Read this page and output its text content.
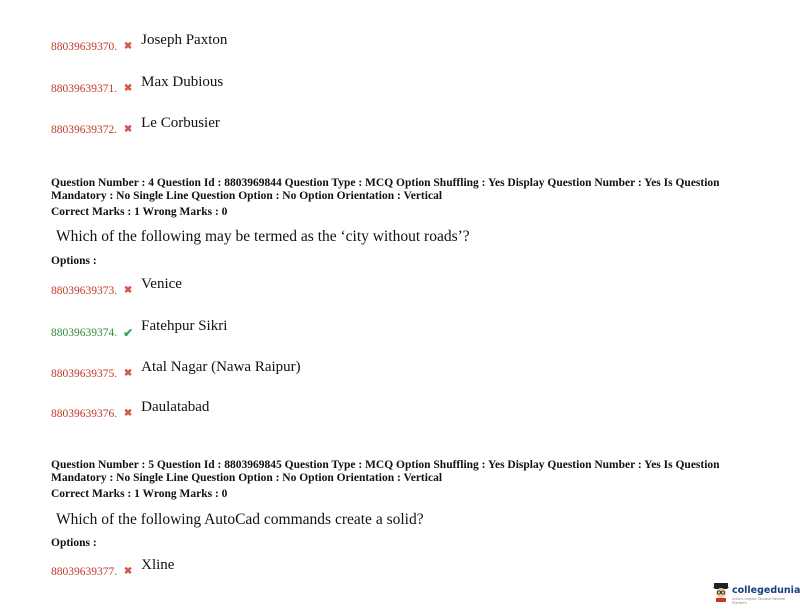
88039639370. ✖ Joseph Paxton
88039639371. ✖ Max Dubious
88039639372. ✖ Le Corbusier
Question Number : 4 Question Id : 8803969844 Question Type : MCQ Option Shuffling : Yes Display Question Number : Yes Is Question Mandatory : No Single Line Question Option : No Option Orientation : Vertical
Correct Marks : 1 Wrong Marks : 0
Which of the following may be termed as the ‘city without roads’?
Options :
88039639373. ✖ Venice
88039639374. ✔ Fatehpur Sikri
88039639375. ✖ Atal Nagar (Nawa Raipur)
88039639376. ✖ Daulatabad
Question Number : 5 Question Id : 8803969845 Question Type : MCQ Option Shuffling : Yes Display Question Number : Yes Is Question Mandatory : No Single Line Question Option : No Option Orientation : Vertical
Correct Marks : 1 Wrong Marks : 0
Which of the following AutoCad commands create a solid?
Options :
88039639377. ✖ Xline
collegedunia
India's largest Student Review Platform
